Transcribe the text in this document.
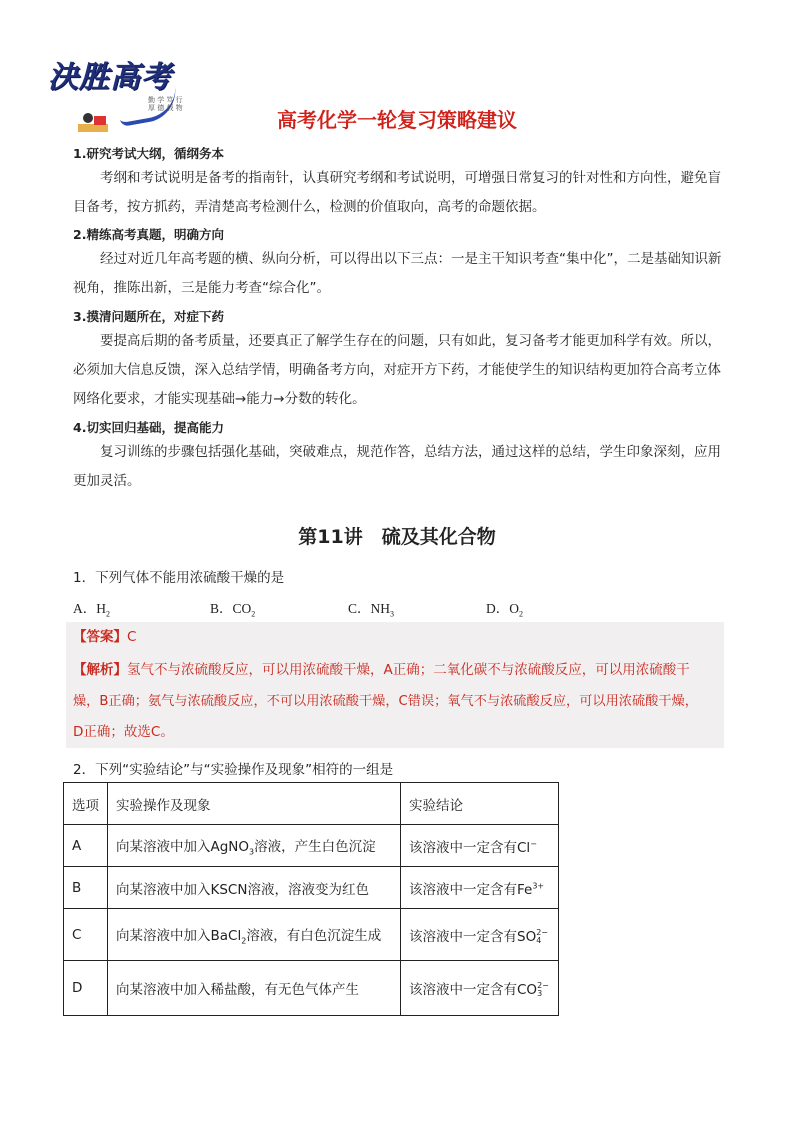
決胜高考
勤 学 笃 行 厚 德 载 物	高考化学一轮复习策略建议
1.研究考试大纲，循纲务本
考纲和考试说明是备考的指南针，认真研究考纲和考试说明，可增强日常复习的针对性和方向性，避免盲目备考，按方抓药，弄清楚高考检测什么，检测的价值取向，高考的命题依据。
2.精练高考真题，明确方向
经过对近几年高考题的横、纵向分析，可以得出以下三点：一是主干知识考查“集中化”，二是基础知识新视角，推陈出新，三是能力考查“综合化”。
3.摸清问题所在，对症下药
要提高后期的备考质量，还要真正了解学生存在的问题，只有如此，复习备考才能更加科学有效。所以，必须加大信息反馈，深入总结学情，明确备考方向，对症开方下药，才能使学生的知识结构更加符合高考立体网络化要求，才能实现基础→能力→分数的转化。
4.切实回归基础，提高能力
复习训练的步骤包括强化基础，突破难点，规范作答，总结方法，通过这样的总结，学生印象深刻，应用更加灵活。
第11讲　硫及其化合物
1．下列气体不能用浓硫酸干燥的是
A．$H_2$	B．$CO_2$	C．$NH_3$	D．$O_2$
【答案】C
【解析】氢气不与浓硫酸反应，可以用浓硫酸干燥，A正确；二氧化碳不与浓硫酸反应，可以用浓硫酸干
燥，B正确；氨气与浓硫酸反应，不可以用浓硫酸干燥，C错误；氧气不与浓硫酸反应，可以用浓硫酸干燥，
D正确；故选C。
2．下列“实验结论”与“实验操作及现象”相符的一组是
选项	实验操作及现象	实验结论
A	向某溶液中加入AgNO$_3$溶液，产生白色沉淀	该溶液中一定含有Cl−
B	向某溶液中加入KSCN溶液，溶液变为红色	该溶液中一定含有$Fe^{3+}$
C	向某溶液中加入BaCl$_2$溶液，有白色沉淀生成	该溶液中一定含有SO2−
4
D	向某溶液中加入稀盐酸，有无色气体产生	该溶液中一定含有CO2−
3
